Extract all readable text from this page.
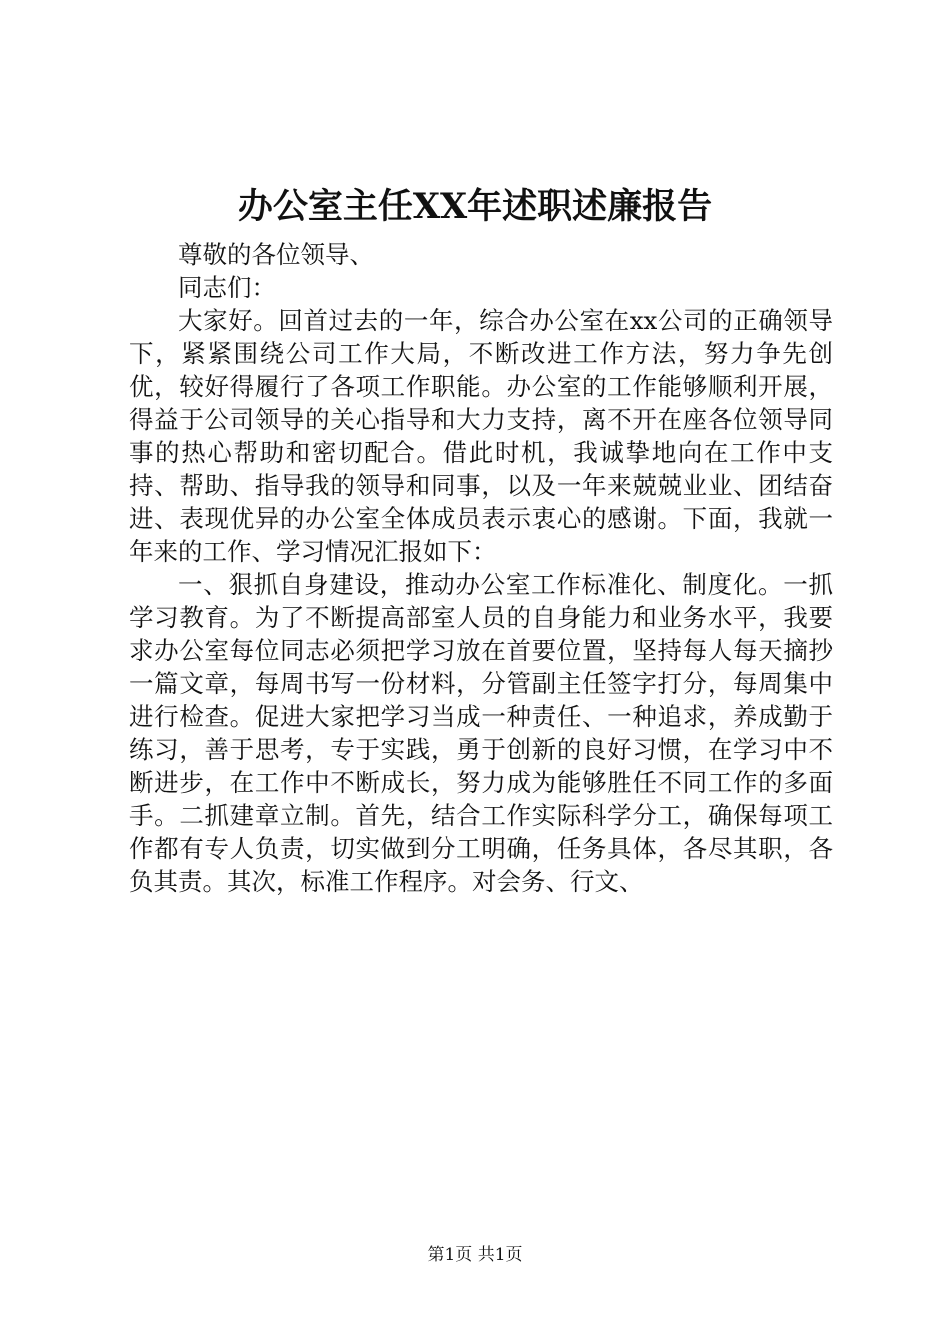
办公室主任XX年述职述廉报告

尊敬的各位领导、

同志们：

大家好。回首过去的一年，综合办公室在xx公司的正确领导下，紧紧围绕公司工作大局，不断改进工作方法，努力争先创优，较好得履行了各项工作职能。办公室的工作能够顺利开展，得益于公司领导的关心指导和大力支持，离不开在座各位领导同事的热心帮助和密切配合。借此时机，我诚挚地向在工作中支持、帮助、指导我的领导和同事，以及一年来兢兢业业、团结奋进、表现优异的办公室全体成员表示衷心的感谢。下面，我就一年来的工作、学习情况汇报如下：

一、狠抓自身建设，推动办公室工作标准化、制度化。一抓学习教育。为了不断提高部室人员的自身能力和业务水平，我要求办公室每位同志必须把学习放在首要位置，坚持每人每天摘抄一篇文章，每周书写一份材料，分管副主任签字打分，每周集中进行检查。促进大家把学习当成一种责任、一种追求，养成勤于练习，善于思考，专于实践，勇于创新的良好习惯，在学习中不断进步，在工作中不断成长，努力成为能够胜任不同工作的多面手。二抓建章立制。首先，结合工作实际科学分工，确保每项工作都有专人负责，切实做到分工明确，任务具体，各尽其职，各负其责。其次，标准工作程序。对会务、行文、

第1页 共1页
